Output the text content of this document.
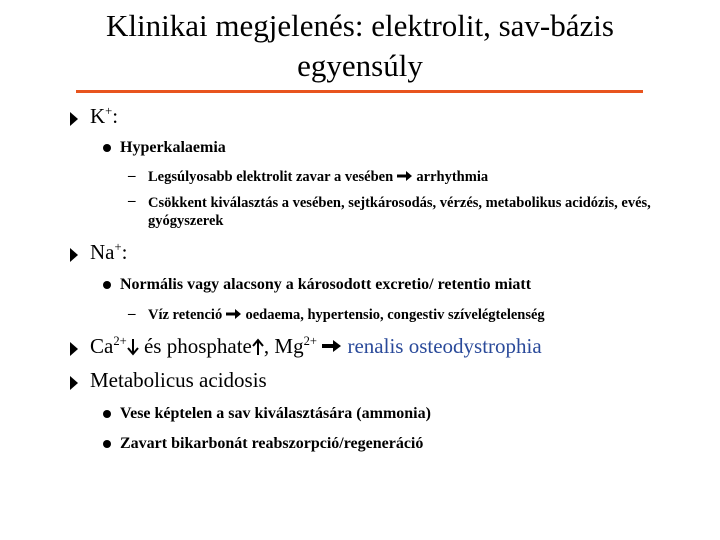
Klinikai megjelenés: elektrolit, sav-bázis
egyensúly
K+:
Hyperkalaemia
– Legsúlyosabb elektrolit zavar a vesében arrhythmia
– Csökkent kiválasztás a vesében, sejtkárosodás, vérzés, metabolikus acidózis, evés, gyógyszerek
Na+:
Normális vagy alacsony a károsodott excretio/ retentio miatt
– Víz retenció oedaema, hypertensio, congestiv szívelégtelenség
$Ca^{2+}$ és phosphate , $Mg^{2+}$ renalis osteodystrophia
Metabolicus acidosis
Vese képtelen a sav kiválasztására (ammonia)
Zavart bikarbonát reabszorpció/regeneráció
